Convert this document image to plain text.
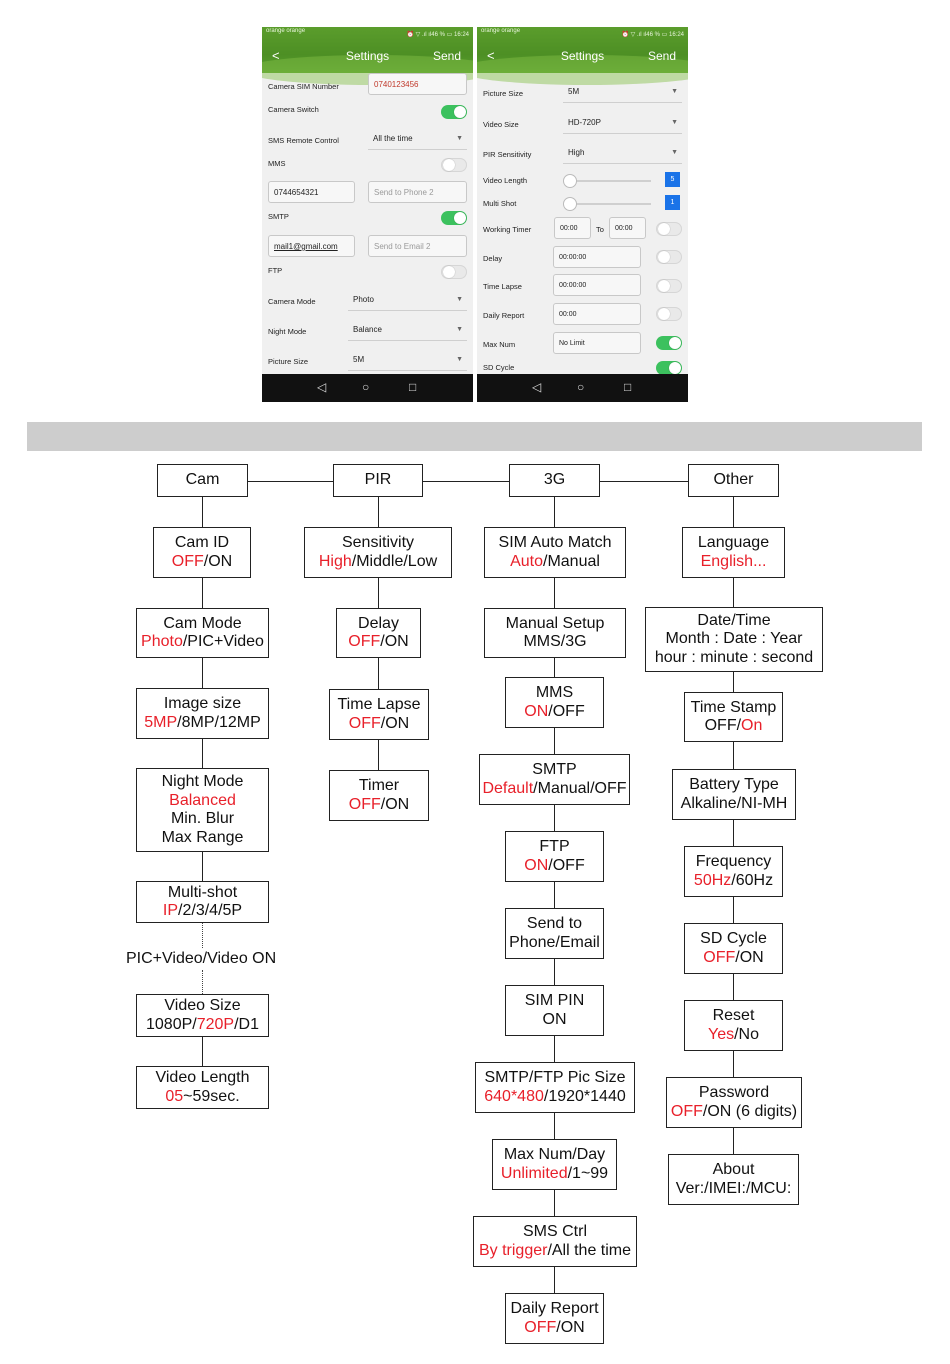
orange orange
⏰ ▽ .ıl ıl46 % ▭ 16:24
<	Settings	Send
Camera SIM Number	0740123456
Camera Switch
SMS Remote Control	All the time	▼
MMS
0744654321	Send to Phone 2
SMTP
mail1@gmail.com	Send to Email 2
FTP
Camera Mode	Photo	▼
Night Mode	Balance	▼
Picture Size	5M	▼
◁	○	□
orange orange
⏰ ▽ .ıl ıl46 % ▭ 16:24
<	Settings	Send
Picture Size	5M	▼
Video Size	HD-720P	▼
PIR Sensitivity	High	▼
Video Length	5
Multi Shot	1
Working Timer	00:00	To	00:00
Delay	00:00:00
Time Lapse	00:00:00
Daily Report	00:00
Max Num	No Limit
SD Cycle
◁	○	□
Cam	PIR	3G	Other
Cam ID
OFF/ON
Cam Mode
Photo/PIC+Video
Image size
5MP/8MP/12MP
Night Mode
Balanced
Min. Blur
Max Range
Multi-shot
IP/2/3/4/5P
PIC+Video/Video ON
Video Size
1080P/720P/D1
Video Length
05~59sec.
Sensitivity
High/Middle/Low
Delay
OFF/ON
Time Lapse
OFF/ON
Timer
OFF/ON
SIM Auto Match
Auto/Manual
Manual Setup
MMS/3G
MMS
ON/OFF
SMTP
Default/Manual/OFF
FTP
ON/OFF
Send to
Phone/Email
SIM PIN
ON
SMTP/FTP Pic Size
640*480/1920*1440
Max Num/Day
Unlimited/1~99
SMS Ctrl
By trigger/All the time
Daily Report
OFF/ON
Language
English...
Date/Time
Month : Date : Year
hour : minute : second
Time Stamp
OFF/On
Battery Type
Alkaline/NI-MH
Frequency
50Hz/60Hz
SD Cycle
OFF/ON
Reset
Yes/No
Password
OFF/ON (6 digits)
About
Ver:/IMEI:/MCU:
